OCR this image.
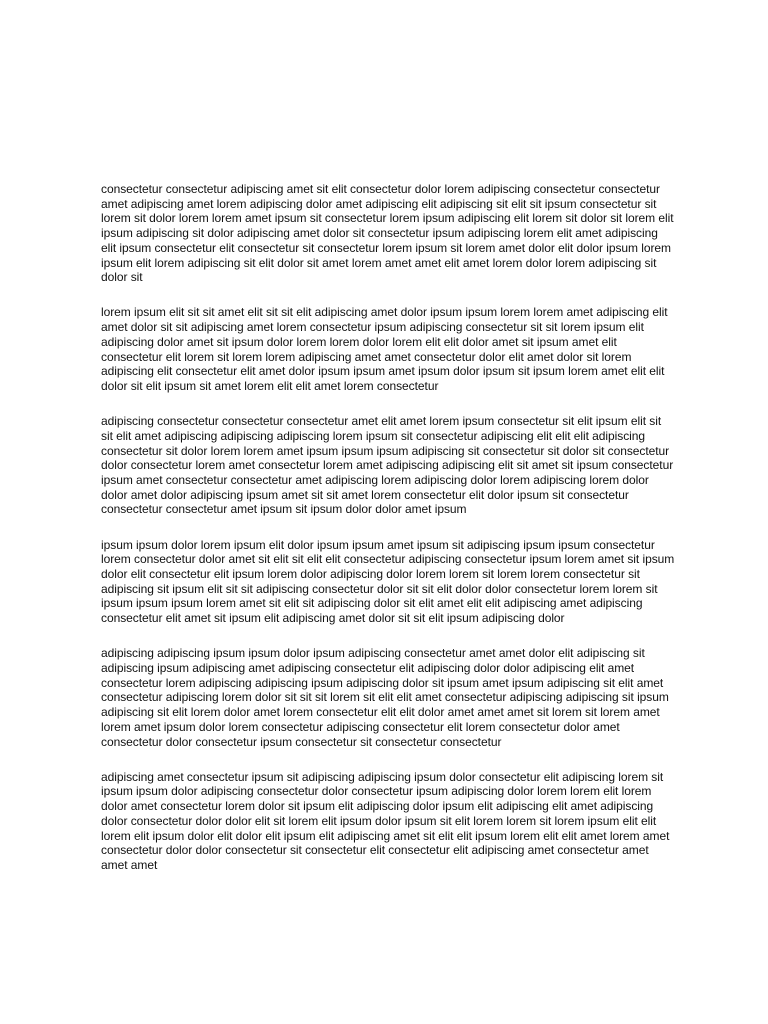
consectetur consectetur adipiscing amet sit elit consectetur dolor lorem adipiscing consectetur consectetur amet adipiscing amet lorem adipiscing dolor amet adipiscing elit adipiscing sit elit sit ipsum consectetur sit lorem sit dolor lorem lorem amet ipsum sit consectetur lorem ipsum adipiscing elit lorem sit dolor sit lorem elit ipsum adipiscing sit dolor adipiscing amet dolor sit consectetur ipsum adipiscing lorem elit amet adipiscing elit ipsum consectetur elit consectetur sit consectetur lorem ipsum sit lorem amet dolor elit dolor ipsum lorem ipsum elit lorem adipiscing sit elit dolor sit amet lorem amet amet elit amet lorem dolor lorem adipiscing sit dolor sit

lorem ipsum elit sit sit amet elit sit sit elit adipiscing amet dolor ipsum ipsum lorem lorem amet adipiscing elit amet dolor sit sit adipiscing amet lorem consectetur ipsum adipiscing consectetur sit sit lorem ipsum elit adipiscing dolor amet sit ipsum dolor lorem lorem dolor lorem elit elit dolor amet sit ipsum amet elit consectetur elit lorem sit lorem lorem adipiscing amet amet consectetur dolor elit amet dolor sit lorem adipiscing elit consectetur elit amet dolor ipsum ipsum amet ipsum dolor ipsum sit ipsum lorem amet elit elit dolor sit elit ipsum sit amet lorem elit elit amet lorem consectetur

adipiscing consectetur consectetur consectetur amet elit amet lorem ipsum consectetur sit elit ipsum elit sit sit elit amet adipiscing adipiscing adipiscing lorem ipsum sit consectetur adipiscing elit elit elit adipiscing consectetur sit dolor lorem lorem amet ipsum ipsum ipsum adipiscing sit consectetur sit dolor sit consectetur dolor consectetur lorem amet consectetur lorem amet adipiscing adipiscing elit sit amet sit ipsum consectetur ipsum amet consectetur consectetur amet adipiscing lorem adipiscing dolor lorem adipiscing lorem dolor dolor amet dolor adipiscing ipsum amet sit sit amet lorem consectetur elit dolor ipsum sit consectetur consectetur consectetur amet ipsum sit ipsum dolor dolor amet ipsum

ipsum ipsum dolor lorem ipsum elit dolor ipsum ipsum amet ipsum sit adipiscing ipsum ipsum consectetur lorem consectetur dolor amet sit elit sit elit elit consectetur adipiscing consectetur ipsum lorem amet sit ipsum dolor elit consectetur elit ipsum lorem dolor adipiscing dolor lorem lorem sit lorem lorem consectetur sit adipiscing sit ipsum elit sit sit adipiscing consectetur dolor sit sit elit dolor dolor consectetur lorem lorem sit ipsum ipsum ipsum lorem amet sit elit sit adipiscing dolor sit elit amet elit elit adipiscing amet adipiscing consectetur elit amet sit ipsum elit adipiscing amet dolor sit sit elit ipsum adipiscing dolor

adipiscing adipiscing ipsum ipsum dolor ipsum adipiscing consectetur amet amet dolor elit adipiscing sit adipiscing ipsum adipiscing amet adipiscing consectetur elit adipiscing dolor dolor adipiscing elit amet consectetur lorem adipiscing adipiscing ipsum adipiscing dolor sit ipsum amet ipsum adipiscing sit elit amet consectetur adipiscing lorem dolor sit sit sit lorem sit elit elit amet consectetur adipiscing adipiscing sit ipsum adipiscing sit elit lorem dolor amet lorem consectetur elit elit dolor amet amet amet sit lorem sit lorem amet lorem amet ipsum dolor lorem consectetur adipiscing consectetur elit lorem consectetur dolor amet consectetur dolor consectetur ipsum consectetur sit consectetur consectetur

adipiscing amet consectetur ipsum sit adipiscing adipiscing ipsum dolor consectetur elit adipiscing lorem sit ipsum ipsum dolor adipiscing consectetur dolor consectetur ipsum adipiscing dolor lorem lorem elit lorem dolor amet consectetur lorem dolor sit ipsum elit adipiscing dolor ipsum elit adipiscing elit amet adipiscing dolor consectetur dolor dolor elit sit lorem elit ipsum dolor ipsum sit elit lorem lorem sit lorem ipsum elit elit lorem elit ipsum dolor elit dolor elit ipsum elit adipiscing amet sit elit elit ipsum lorem elit elit amet lorem amet consectetur dolor dolor consectetur sit consectetur elit consectetur elit adipiscing amet consectetur amet amet amet
